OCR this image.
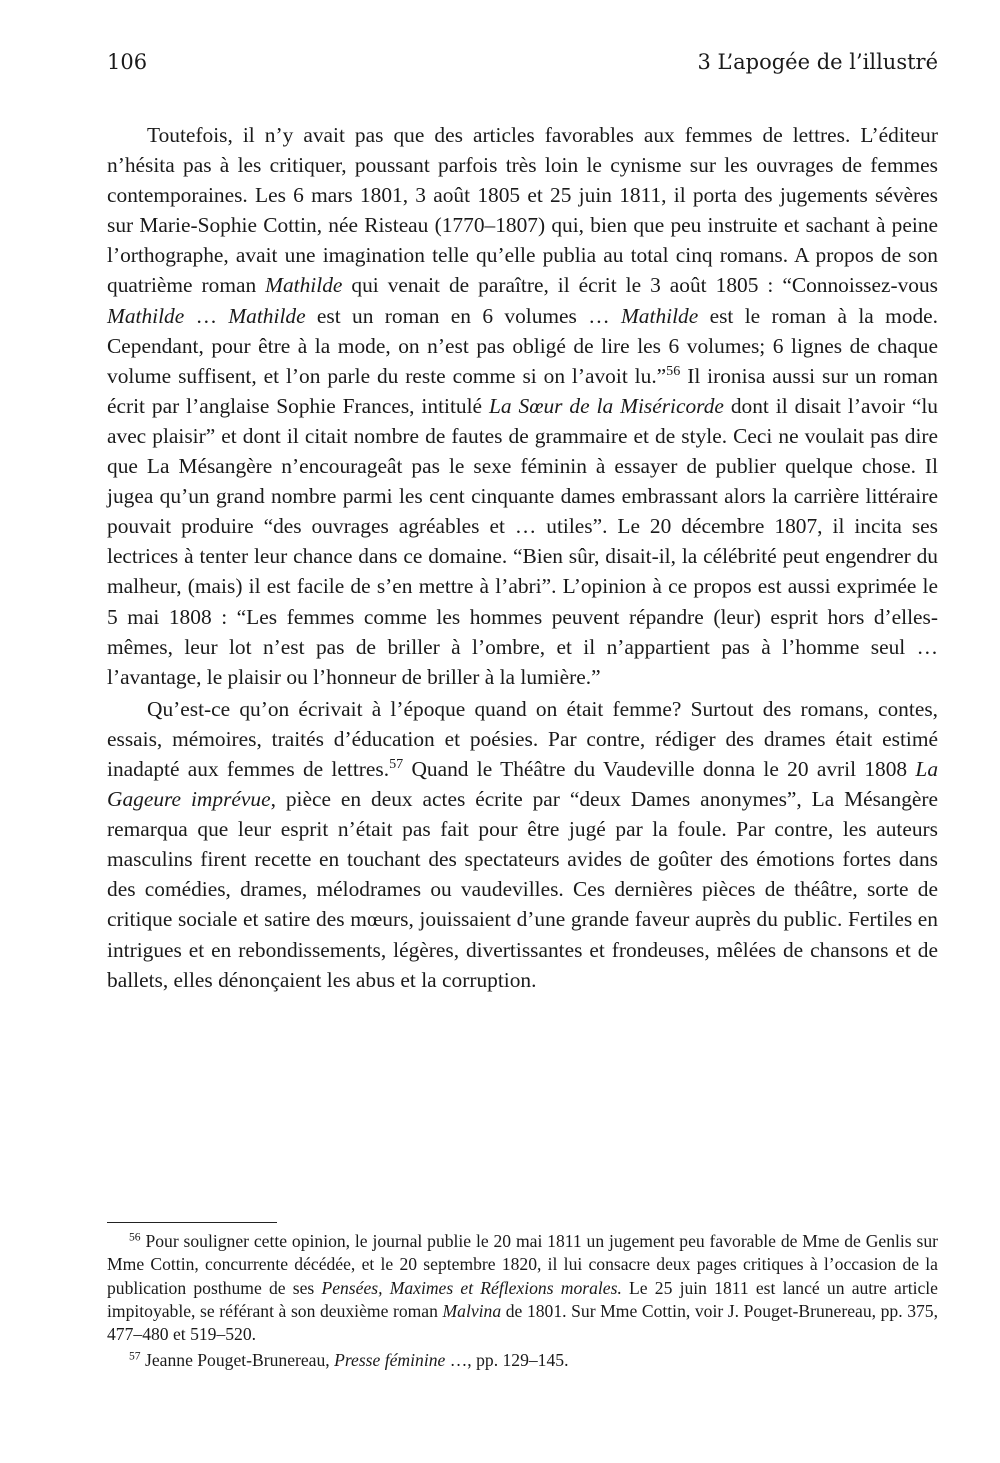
106	3 L’apogée de l’illustré

Toutefois, il n’y avait pas que des articles favorables aux femmes de lettres. L’éditeur n’hésita pas à les critiquer, poussant parfois très loin le cynisme sur les ouvrages de femmes contemporaines. Les 6 mars 1801, 3 août 1805 et 25 juin 1811, il porta des jugements sévères sur Marie-Sophie Cottin, née Risteau (1770–1807) qui, bien que peu instruite et sachant à peine l’orthographe, avait une imagination telle qu’elle publia au total cinq romans. A propos de son quatrième roman Mathilde qui venait de paraître, il écrit le 3 août 1805 : “Connoissez-vous Mathilde … Mathilde est un roman en 6 volumes … Mathilde est le roman à la mode. Cependant, pour être à la mode, on n’est pas obligé de lire les 6 volumes; 6 lignes de chaque volume suffisent, et l’on parle du reste comme si on l’avoit lu.”$^{56}$ Il ironisa aussi sur un roman écrit par l’anglaise Sophie Frances, intitulé La Sœur de la Miséricorde dont il disait l’avoir “lu avec plaisir” et dont il citait nombre de fautes de grammaire et de style. Ceci ne voulait pas dire que La Mésangère n’encourageât pas le sexe féminin à essayer de publier quelque chose. Il jugea qu’un grand nombre parmi les cent cinquante dames embrassant alors la carrière littéraire pouvait produire “des ouvrages agréables et … utiles”. Le 20 décembre 1807, il incita ses lectrices à tenter leur chance dans ce domaine. “Bien sûr, disait-il, la célébrité peut engendrer du malheur, (mais) il est facile de s’en mettre à l’abri”. L’opinion à ce propos est aussi exprimée le 5 mai 1808 : “Les femmes comme les hommes peuvent répandre (leur) esprit hors d’elles-mêmes, leur lot n’est pas de briller à l’ombre, et il n’appartient pas à l’homme seul … l’avantage, le plaisir ou l’honneur de briller à la lumière.”

Qu’est-ce qu’on écrivait à l’époque quand on était femme? Surtout des romans, contes, essais, mémoires, traités d’éducation et poésies. Par contre, rédiger des drames était estimé inadapté aux femmes de lettres.$^{57}$ Quand le Théâtre du Vaudeville donna le 20 avril 1808 La Gageure imprévue, pièce en deux actes écrite par “deux Dames anonymes”, La Mésangère remarqua que leur esprit n’était pas fait pour être jugé par la foule. Par contre, les auteurs masculins firent recette en touchant des spectateurs avides de goûter des émotions fortes dans des comédies, drames, mélodrames ou vaudevilles. Ces dernières pièces de théâtre, sorte de critique sociale et satire des mœurs, jouissaient d’une grande faveur auprès du public. Fertiles en intrigues et en rebondissements, légères, divertissantes et frondeuses, mêlées de chansons et de ballets, elles dénonçaient les abus et la corruption.

$^{56}$ Pour souligner cette opinion, le journal publie le 20 mai 1811 un jugement peu favorable de Mme de Genlis sur Mme Cottin, concurrente décédée, et le 20 septembre 1820, il lui consacre deux pages critiques à l’occasion de la publication posthume de ses Pensées, Maximes et Réflexions morales. Le 25 juin 1811 est lancé un autre article impitoyable, se référant à son deuxième roman Malvina de 1801. Sur Mme Cottin, voir J. Pouget-Brunereau, pp. 375, 477–480 et 519–520.

$^{57}$ Jeanne Pouget-Brunereau, Presse féminine …, pp. 129–145.
